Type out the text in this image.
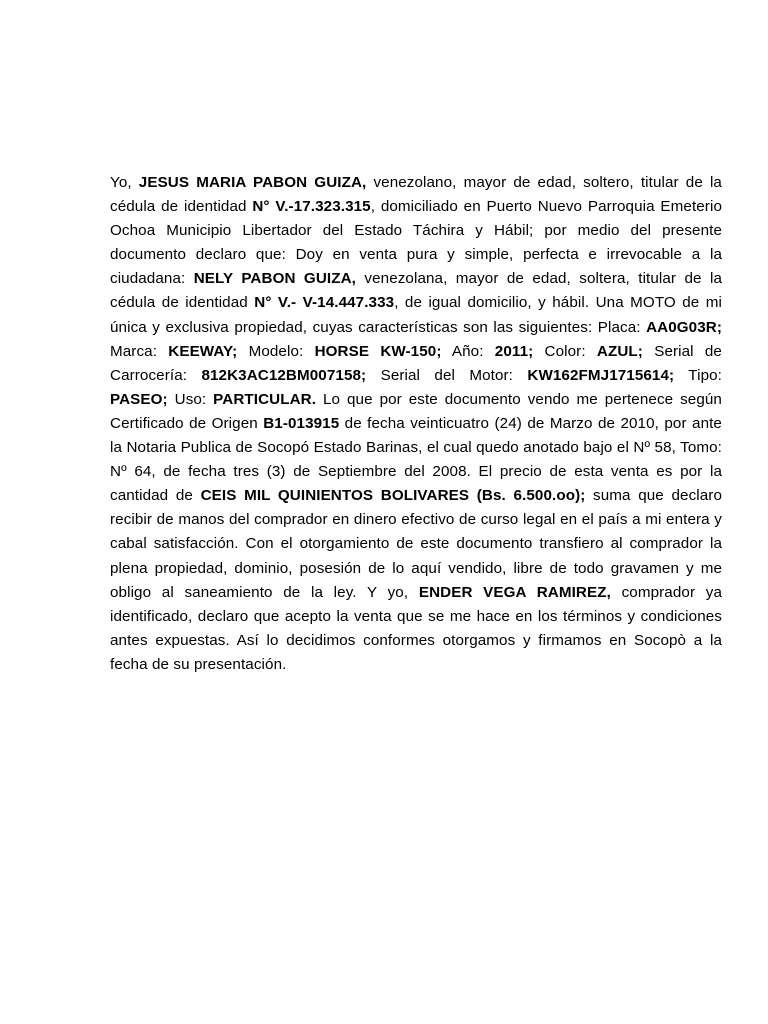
Yo, JESUS MARIA PABON GUIZA, venezolano, mayor de edad, soltero, titular de la cédula de identidad N° V.-17.323.315, domiciliado en Puerto Nuevo Parroquia Emeterio Ochoa Municipio Libertador del Estado Táchira y Hábil; por medio del presente documento declaro que: Doy en venta pura y simple, perfecta e irrevocable a la ciudadana: NELY PABON GUIZA, venezolana, mayor de edad, soltera, titular de la cédula de identidad N° V.- V-14.447.333, de igual domicilio, y hábil. Una MOTO de mi única y exclusiva propiedad, cuyas características son las siguientes: Placa: AA0G03R; Marca: KEEWAY; Modelo: HORSE KW-150; Año: 2011; Color: AZUL; Serial de Carrocería: 812K3AC12BM007158; Serial del Motor: KW162FMJ1715614; Tipo: PASEO; Uso: PARTICULAR. Lo que por este documento vendo me pertenece según Certificado de Origen B1-013915 de fecha veinticuatro (24) de Marzo de 2010, por ante la Notaria Publica de Socopó Estado Barinas, el cual quedo anotado bajo el Nº 58, Tomo: Nº 64, de fecha tres (3) de Septiembre del 2008. El precio de esta venta es por la cantidad de CEIS MIL QUINIENTOS BOLIVARES (Bs. 6.500.oo); suma que declaro recibir de manos del comprador en dinero efectivo de curso legal en el país a mi entera y cabal satisfacción. Con el otorgamiento de este documento transfiero al comprador la plena propiedad, dominio, posesión de lo aquí vendido, libre de todo gravamen y me obligo al saneamiento de la ley. Y yo, ENDER VEGA RAMIREZ, comprador ya identificado, declaro que acepto la venta que se me hace en los términos y condiciones antes expuestas. Así lo decidimos conformes otorgamos y firmamos en Socopò a la fecha de su presentación.
